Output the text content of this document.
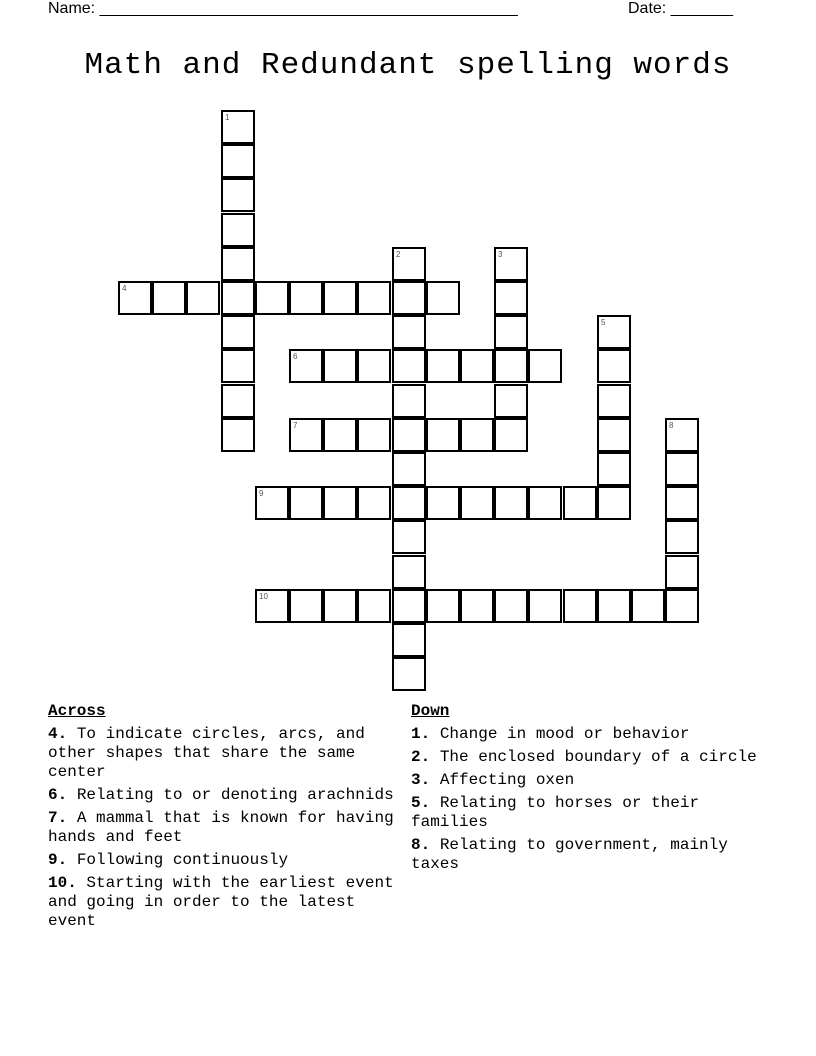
Name: _______________________________________________	Date: _______
Math and Redundant spelling words
1
2	3
4
5
6
7	8
9
10
Across
4. To indicate circles, arcs, and other shapes that share the same center
6. Relating to or denoting arachnids
7. A mammal that is known for having hands and feet
9. Following continuously
10. Starting with the earliest event and going in order to the latest event
Down
1. Change in mood or behavior
2. The enclosed boundary of a circle
3. Affecting oxen
5. Relating to horses or their families
8. Relating to government, mainly taxes
